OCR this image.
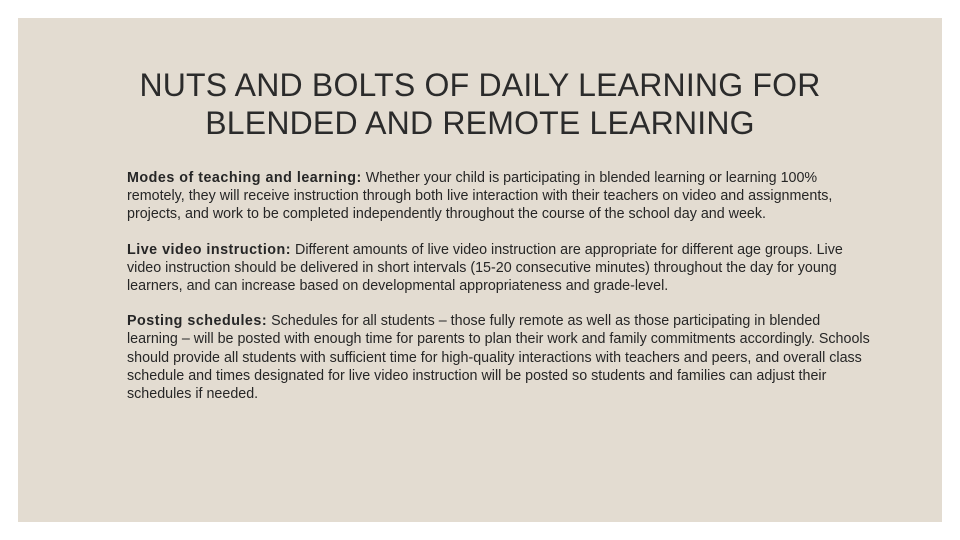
NUTS AND BOLTS OF DAILY LEARNING FOR
BLENDED AND REMOTE LEARNING

Modes of teaching and learning: Whether your child is participating in blended learning or learning 100% remotely, they will receive instruction through both live interaction with their teachers on video and assignments, projects, and work to be completed independently throughout the course of the school day and week.

Live video instruction: Different amounts of live video instruction are appropriate for different age groups. Live video instruction should be delivered in short intervals (15-20 consecutive minutes) throughout the day for young learners, and can increase based on developmental appropriateness and grade-level.

Posting schedules: Schedules for all students – those fully remote as well as those participating in blended learning – will be posted with enough time for parents to plan their work and family commitments accordingly. Schools should provide all students with sufficient time for high-quality interactions with teachers and peers, and overall class schedule and times designated for live video instruction will be posted so students and families can adjust their schedules if needed.
